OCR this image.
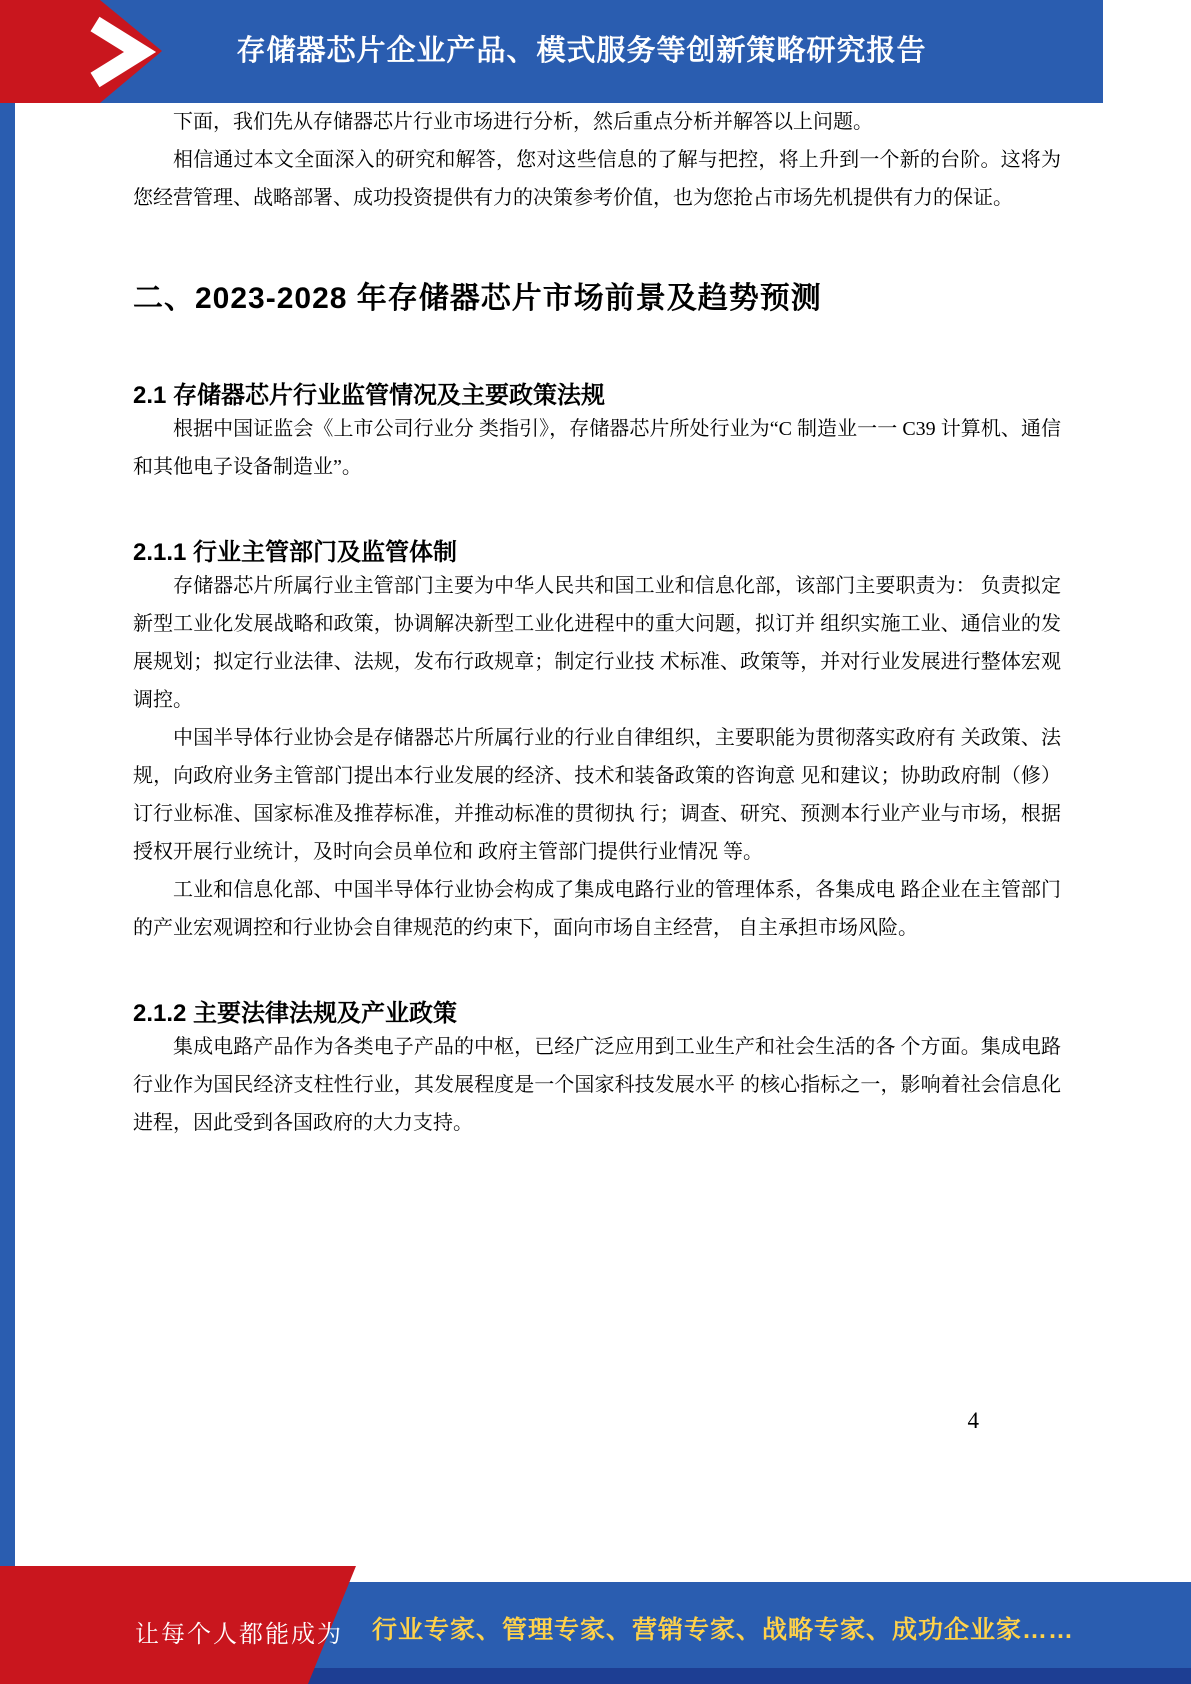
存储器芯片企业产品、模式服务等创新策略研究报告

下面，我们先从存储器芯片行业市场进行分析，然后重点分析并解答以上问题。

相信通过本文全面深入的研究和解答，您对这些信息的了解与把控，将上升到一个新的台阶。这将为您经营管理、战略部署、成功投资提供有力的决策参考价值，也为您抢占市场先机提供有力的保证。

二、2023-2028 年存储器芯片市场前景及趋势预测
2.1 存储器芯片行业监管情况及主要政策法规

根据中国证监会《上市公司行业分 类指引》，存储器芯片所处行业为“C 制造业一一 C39 计算机、通信和其他电子设备制造业”。

2.1.1 行业主管部门及监管体制

存储器芯片所属行业主管部门主要为中华人民共和国工业和信息化部，该部门主要职责为： 负责拟定新型工业化发展战略和政策，协调解决新型工业化进程中的重大问题，拟订并 组织实施工业、通信业的发展规划；拟定行业法律、法规，发布行政规章；制定行业技 术标准、政策等，并对行业发展进行整体宏观调控。

中国半导体行业协会是存储器芯片所属行业的行业自律组织，主要职能为贯彻落实政府有 关政策、法规，向政府业务主管部门提出本行业发展的经济、技术和装备政策的咨询意 见和建议；协助政府制（修）订行业标准、国家标准及推荐标准，并推动标准的贯彻执 行；调查、研究、预测本行业产业与市场，根据授权开展行业统计，及时向会员单位和 政府主管部门提供行业情况 等。

工业和信息化部、中国半导体行业协会构成了集成电路行业的管理体系，各集成电 路企业在主管部门的产业宏观调控和行业协会自律规范的约束下，面向市场自主经营， 自主承担市场风险。

2.1.2 主要法律法规及产业政策

集成电路产品作为各类电子产品的中枢，已经广泛应用到工业生产和社会生活的各 个方面。集成电路行业作为国民经济支柱性行业，其发展程度是一个国家科技发展水平 的核心指标之一，影响着社会信息化进程，因此受到各国政府的大力支持。

4
让每个人都能成为 行业专家、管理专家、营销专家、战略专家、成功企业家……
